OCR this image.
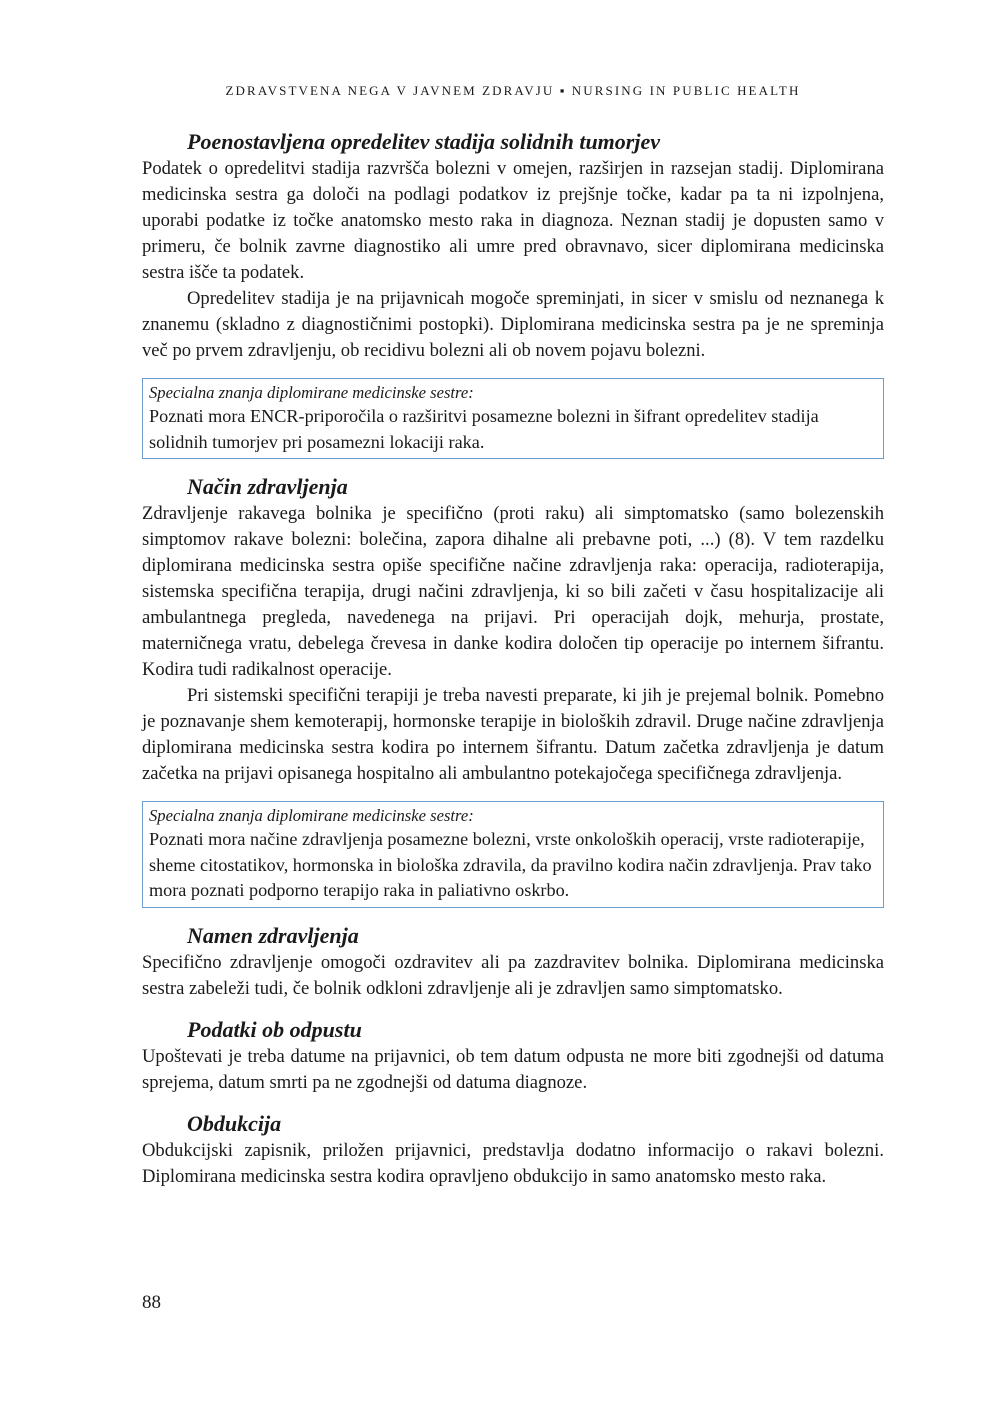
ZDRAVSTVENA NEGA V JAVNEM ZDRAVJU ▪ NURSING IN PUBLIC HEALTH
Poenostavljena opredelitev stadija solidnih tumorjev

Podatek o opredelitvi stadija razvršča bolezni v omejen, razširjen in razsejan stadij. Diplomirana medicinska sestra ga določi na podlagi podatkov iz prejšnje točke, kadar pa ta ni izpolnjena, uporabi podatke iz točke anatomsko mesto raka in diagnoza. Neznan stadij je dopusten samo v primeru, če bolnik zavrne diagnostiko ali umre pred obravnavo, sicer diplomirana medicinska sestra išče ta podatek.

Opredelitev stadija je na prijavnicah mogoče spreminjati, in sicer v smislu od neznanega k znanemu (skladno z diagnostičnimi postopki). Diplomirana medicinska sestra pa je ne spreminja več po prvem zdravljenju, ob recidivu bolezni ali ob novem pojavu bolezni.

Specialna znanja diplomirane medicinske sestre:
Poznati mora ENCR-priporočila o razširitvi posamezne bolezni in šifrant opredelitev stadija solidnih tumorjev pri posamezni lokaciji raka.
Način zdravljenja

Zdravljenje rakavega bolnika je specifično (proti raku) ali simptomatsko (samo bolezenskih simptomov rakave bolezni: bolečina, zapora dihalne ali prebavne poti, ...) (8). V tem razdelku diplomirana medicinska sestra opiše specifične načine zdravljenja raka: operacija, radioterapija, sistemska specifična terapija, drugi načini zdravljenja, ki so bili začeti v času hospitalizacije ali ambulantnega pregleda, navedenega na prijavi. Pri operacijah dojk, mehurja, prostate, materničnega vratu, debelega črevesa in danke kodira določen tip operacije po internem šifrantu. Kodira tudi radikalnost operacije.

Pri sistemski specifični terapiji je treba navesti preparate, ki jih je prejemal bolnik. Pomebno je poznavanje shem kemoterapij, hormonske terapije in bioloških zdravil. Druge načine zdravljenja diplomirana medicinska sestra kodira po internem šifrantu. Datum začetka zdravljenja je datum začetka na prijavi opisanega hospitalno ali ambulantno potekajočega specifičnega zdravljenja.

Specialna znanja diplomirane medicinske sestre:
Poznati mora načine zdravljenja posamezne bolezni, vrste onkoloških operacij, vrste radioterapije, sheme citostatikov, hormonska in biološka zdravila, da pravilno kodira način zdravljenja. Prav tako mora poznati podporno terapijo raka in paliativno oskrbo.
Namen zdravljenja

Specifično zdravljenje omogoči ozdravitev ali pa zazdravitev bolnika. Diplomirana medicinska sestra zabeleži tudi, če bolnik odkloni zdravljenje ali je zdravljen samo simptomatsko.

Podatki ob odpustu

Upoštevati je treba datume na prijavnici, ob tem datum odpusta ne more biti zgodnejši od datuma sprejema, datum smrti pa ne zgodnejši od datuma diagnoze.

Obdukcija

Obdukcijski zapisnik, priložen prijavnici, predstavlja dodatno informacijo o rakavi bolezni. Diplomirana medicinska sestra kodira opravljeno obdukcijo in samo anatomsko mesto raka.

88
